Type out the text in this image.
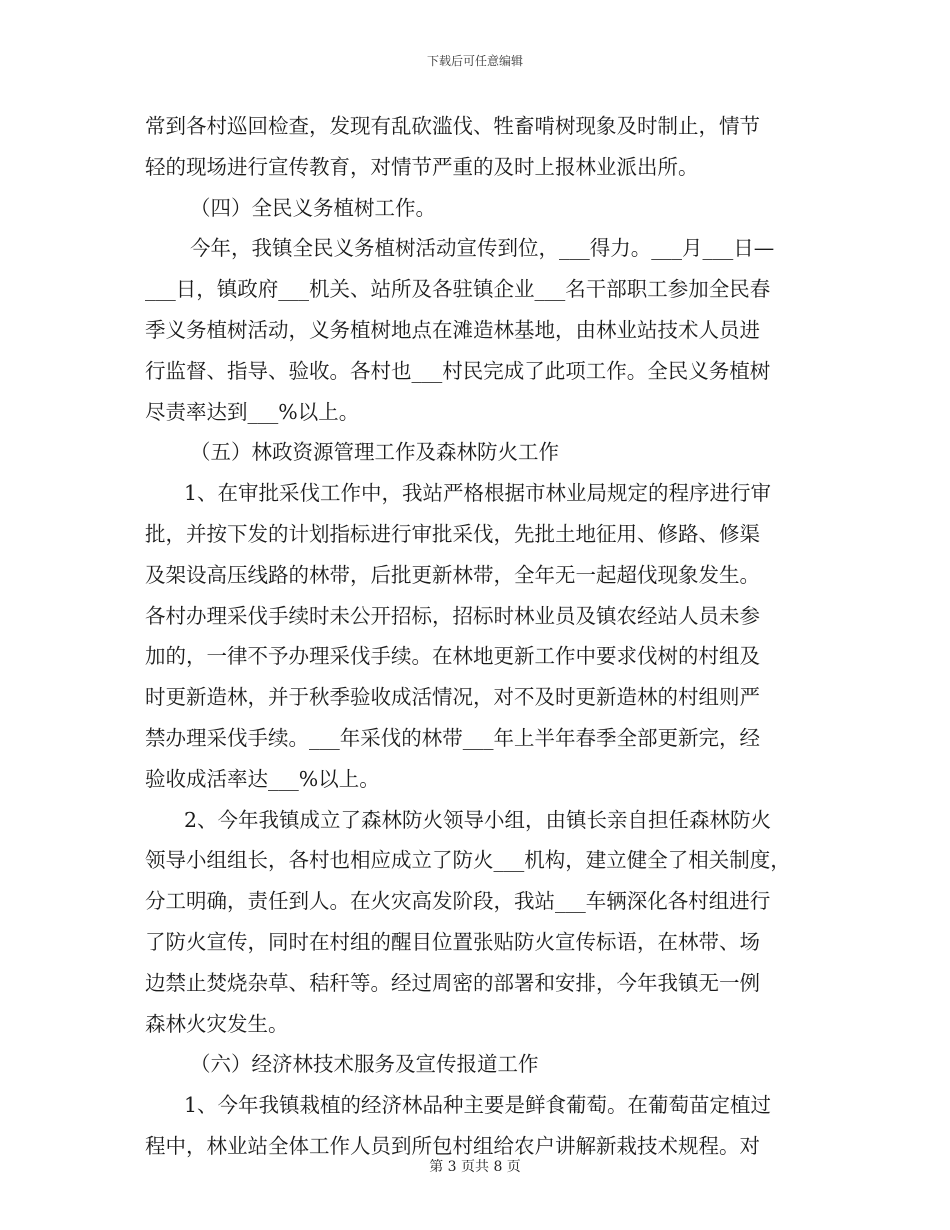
下载后可任意编辑
常到各村巡回检查，发现有乱砍滥伐、牲畜啃树现象及时制止，情节
轻的现场进行宣传教育，对情节严重的及时上报林业派出所。
（四）全民义务植树工作。
今年，我镇全民义务植树活动宣传到位，___得力。___月___日—
___日，镇政府___机关、站所及各驻镇企业___名干部职工参加全民春
季义务植树活动，义务植树地点在滩造林基地，由林业站技术人员进
行监督、指导、验收。各村也___村民完成了此项工作。全民义务植树
尽责率达到___%以上。
（五）林政资源管理工作及森林防火工作
1、在审批采伐工作中，我站严格根据市林业局规定的程序进行审
批，并按下发的计划指标进行审批采伐，先批土地征用、修路、修渠
及架设高压线路的林带，后批更新林带，全年无一起超伐现象发生。
各村办理采伐手续时未公开招标，招标时林业员及镇农经站人员未参
加的，一律不予办理采伐手续。在林地更新工作中要求伐树的村组及
时更新造林，并于秋季验收成活情况，对不及时更新造林的村组则严
禁办理采伐手续。___年采伐的林带___年上半年春季全部更新完，经
验收成活率达___%以上。
2、今年我镇成立了森林防火领导小组，由镇长亲自担任森林防火
领导小组组长，各村也相应成立了防火___机构，建立健全了相关制度，
分工明确，责任到人。在火灾高发阶段，我站___车辆深化各村组进行
了防火宣传，同时在村组的醒目位置张贴防火宣传标语，在林带、场
边禁止焚烧杂草、秸秆等。经过周密的部署和安排，今年我镇无一例
森林火灾发生。
（六）经济林技术服务及宣传报道工作
1、今年我镇栽植的经济林品种主要是鲜食葡萄。在葡萄苗定植过
程中，林业站全体工作人员到所包村组给农户讲解新栽技术规程。对
第 3 页共 8 页
